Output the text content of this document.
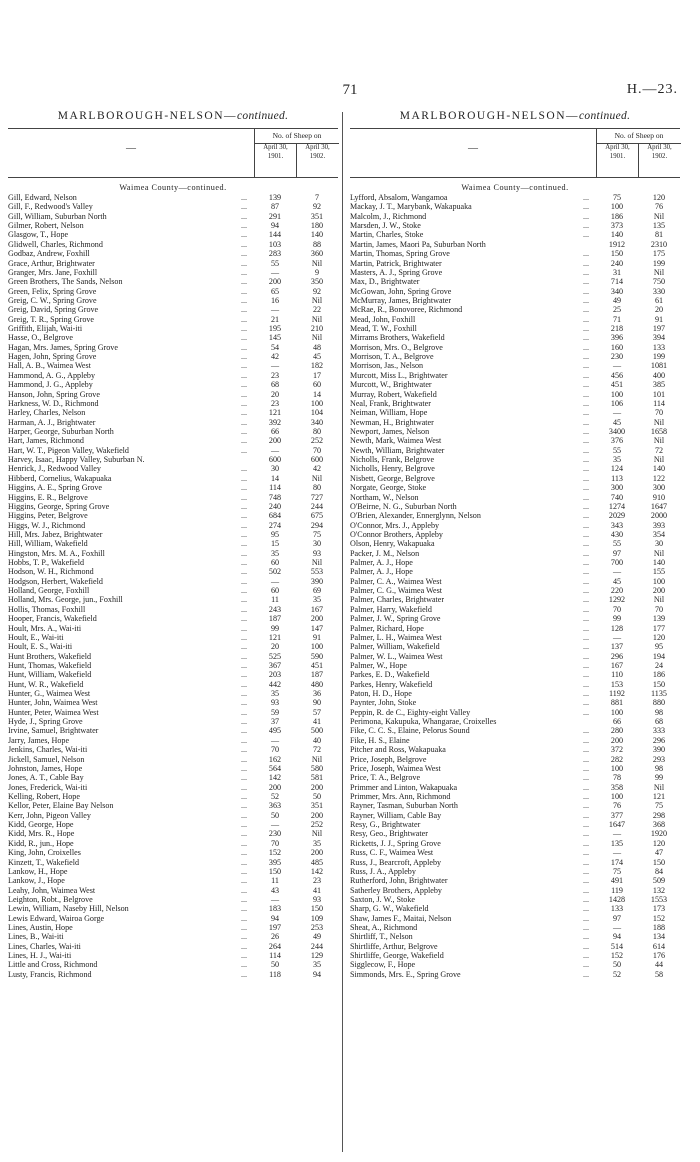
71	H.—23.
MARLBOROUGH-NELSON—continued.
—
No. of Sheep on
April 30, 1901.
April 30, 1902.
Waimea County—continued.
Gill, Edward, Nelson	...	139	7
Gill, F., Redwood's Valley	...	87	92
Gill, William, Suburban North	...	291	351
Gilmer, Robert, Nelson	...	94	180
Glasgow, T., Hope	...	144	140
Glidwell, Charles, Richmond	...	103	88
Godbaz, Andrew, Foxhill	...	283	360
Grace, Arthur, Brightwater	...	55	Nil
Granger, Mrs. Jane, Foxhill	...	—	9
Green Brothers, The Sands, Nelson	...	200	350
Green, Felix, Spring Grove	...	65	92
Greig, C. W., Spring Grove	...	16	Nil
Greig, David, Spring Grove	...	—	22
Greig, T. R., Spring Grove	...	21	Nil
Griffith, Elijah, Wai-iti	...	195	210
Hasse, O., Belgrove	...	145	Nil
Hagan, Mrs. James, Spring Grove	...	54	48
Hagen, John, Spring Grove	...	42	45
Hall, A. B., Waimea West	...	—	182
Hammond, A. G., Appleby	...	23	17
Hammond, J. G., Appleby	...	68	60
Hanson, John, Spring Grove	...	20	14
Harkness, W. D., Richmond	...	23	100
Harley, Charles, Nelson	...	121	104
Harman, A. J., Brightwater	...	392	340
Harper, George, Suburban North	...	66	80
Hart, James, Richmond	...	200	252
Hart, W. T., Pigeon Valley, Wakefield	...	—	70
Harvey, Isaac, Happy Valley, Suburban N.	600	600
Henrick, J., Redwood Valley	...	30	42
Hibberd, Cornelius, Wakapuaka	...	14	Nil
Higgins, A. E., Spring Grove	...	114	80
Higgins, E. R., Belgrove	...	748	727
Higgins, George, Spring Grove	...	240	244
Higgins, Peter, Belgrove	...	684	675
Higgs, W. J., Richmond	...	274	294
Hill, Mrs. Jabez, Brightwater	...	95	75
Hill, William, Wakefield	...	15	30
Hingston, Mrs. M. A., Foxhill	...	35	93
Hobbs, T. P., Wakefield	...	60	Nil
Hodson, W. H., Richmond	...	502	553
Hodgson, Herbert, Wakefield	...	—	390
Holland, George, Foxhill	...	60	69
Holland, Mrs. George, jun., Foxhill	...	11	35
Hollis, Thomas, Foxhill	...	243	167
Hooper, Francis, Wakefield	...	187	200
Hoult, Mrs. A., Wai-iti	...	99	147
Hoult, E., Wai-iti	...	121	91
Hoult, E. S., Wai-iti	...	20	100
Hunt Brothers, Wakefield	...	525	590
Hunt, Thomas, Wakefield	...	367	451
Hunt, William, Wakefield	...	203	187
Hunt, W. R., Wakefield	...	442	480
Hunter, G., Waimea West	...	35	36
Hunter, John, Waimea West	...	93	90
Hunter, Peter, Waimea West	...	59	57
Hyde, J., Spring Grove	...	37	41
Irvine, Samuel, Brightwater	...	495	500
Jarry, James, Hope	...	—	40
Jenkins, Charles, Wai-iti	...	70	72
Jickell, Samuel, Nelson	...	162	Nil
Johnston, James, Hope	...	564	580
Jones, A. T., Cable Bay	...	142	581
Jones, Frederick, Wai-iti	...	200	200
Kelling, Robert, Hope	...	52	50
Kellor, Peter, Elaine Bay Nelson	...	363	351
Kerr, John, Pigeon Valley	...	50	200
Kidd, George, Hope	...	—	252
Kidd, Mrs. R., Hope	...	230	Nil
Kidd, R., jun., Hope	...	70	35
King, John, Croixelles	...	152	200
Kinzett, T., Wakefield	...	395	485
Lankow, H., Hope	...	150	142
Lankow, J., Hope	...	11	23
Leahy, John, Waimea West	...	43	41
Leighton, Robt., Belgrove	...	—	93
Lewin, William, Naseby Hill, Nelson	...	183	150
Lewis Edward, Wairoa Gorge	...	94	109
Lines, Austin, Hope	...	197	253
Lines, B., Wai-iti	...	26	49
Lines, Charles, Wai-iti	...	264	244
Lines, H. J., Wai-iti	...	114	129
Little and Cross, Richmond	...	50	35
Lusty, Francis, Richmond	...	118	94
MARLBOROUGH-NELSON—continued.
—
No. of Sheep on
April 30, 1901.
April 30, 1902.
Waimea County—continued.
Lyfford, Absalom, Wangamoa	...	75	120
Mackay, J. T., Marybank, Wakapuaka	...	100	76
Malcolm, J., Richmond	...	186	Nil
Marsden, J. W., Stoke	...	373	135
Martin, Charles, Stoke	...	140	81
Martin, James, Maori Pa, Suburban North	1912	2310
Martin, Thomas, Spring Grove	...	150	175
Martin, Patrick, Brightwater	...	240	199
Masters, A. J., Spring Grove	...	31	Nil
Max, D., Brightwater	...	714	750
McGowan, John, Spring Grove	...	340	330
McMurray, James, Brightwater	...	49	61
McRae, R., Bonovoree, Richmond	...	25	20
Mead, John, Foxhill	...	71	91
Mead, T. W., Foxhill	...	218	197
Mirrams Brothers, Wakefield	...	396	394
Morrison, Mrs. O., Belgrove	...	160	133
Morrison, T. A., Belgrove	...	230	199
Morrison, Jas., Nelson	...	—	1081
Murcott, Miss L., Brightwater	...	456	400
Murcott, W., Brightwater	...	451	385
Murray, Robert, Wakefield	...	100	101
Neal, Frank, Brightwater	...	106	114
Neiman, William, Hope	...	—	70
Newman, H., Brightwater	...	45	Nil
Newport, James, Nelson	...	3400	1658
Newth, Mark, Waimea West	...	376	Nil
Newth, William, Brightwater	...	55	72
Nicholls, Frank, Belgrove	...	35	Nil
Nicholls, Henry, Belgrove	...	124	140
Nisbett, George, Belgrove	...	113	122
Norgate, George, Stoke	...	300	300
Northam, W., Nelson	...	740	910
O'Beirne, N. G., Suburban North	...	1274	1647
O'Brien, Alexander, Ennerglynn, Nelson	...	2029	2000
O'Connor, Mrs. J., Appleby	...	343	393
O'Connor Brothers, Appleby	...	430	354
Olson, Henry, Wakapuaka	...	55	30
Packer, J. M., Nelson	...	97	Nil
Palmer, A. J., Hope	...	700	140
Palmer, A. J., Hope	...	—	155
Palmer, C. A., Waimea West	...	45	100
Palmer, C. G., Waimea West	...	220	200
Palmer, Charles, Brightwater	...	1292	Nil
Palmer, Harry, Wakefield	...	70	70
Palmer, J. W., Spring Grove	...	99	139
Palmer, Richard, Hope	...	128	177
Palmer, L. H., Waimea West	...	—	120
Palmer, William, Wakefield	...	137	95
Palmer, W. L., Waimea West	...	296	194
Palmer, W., Hope	...	167	24
Parkes, E. D., Wakefield	...	110	186
Parkes, Henry, Wakefield	...	153	150
Paton, H. D., Hope	...	1192	1135
Paynter, John, Stoke	...	881	880
Peppin, R. de C., Eighty-eight Valley	...	100	98
Perimona, Kakupuka, Whangarae, Croixelles	66	68
Fike, C. C. S., Elaine, Pelorus Sound	...	280	333
Fike, H. S., Elaine	...	200	296
Pitcher and Ross, Wakapuaka	...	372	390
Price, Joseph, Belgrove	...	282	293
Price, Joseph, Waimea West	...	100	98
Price, T. A., Belgrove	...	78	99
Primmer and Linton, Wakapuaka	...	358	Nil
Primmer, Mrs. Ann, Richmond	...	100	121
Rayner, Tasman, Suburban North	...	76	75
Rayner, William, Cable Bay	...	377	298
Resy, G., Brightwater	...	1647	368
Resy, Geo., Brightwater	...	—	1920
Ricketts, J. J., Spring Grove	...	135	120
Russ, C. F., Waimea West	...	—	47
Russ, J., Bearcroft, Appleby	...	174	150
Russ, J. A., Appleby	...	75	84
Rutherford, John, Brightwater	...	491	509
Satherley Brothers, Appleby	...	119	132
Saxton, J. W., Stoke	...	1428	1553
Sharp, G. W., Wakefield	...	133	173
Shaw, James F., Maitai, Nelson	...	97	152
Sheat, A., Richmond	...	—	188
Shirtliff, T., Nelson	...	94	134
Shirtliffe, Arthur, Belgrove	...	514	614
Shirtliffe, George, Wakefield	...	152	176
Sigglecow, F., Hope	...	50	44
Simmonds, Mrs. E., Spring Grove	...	52	58
